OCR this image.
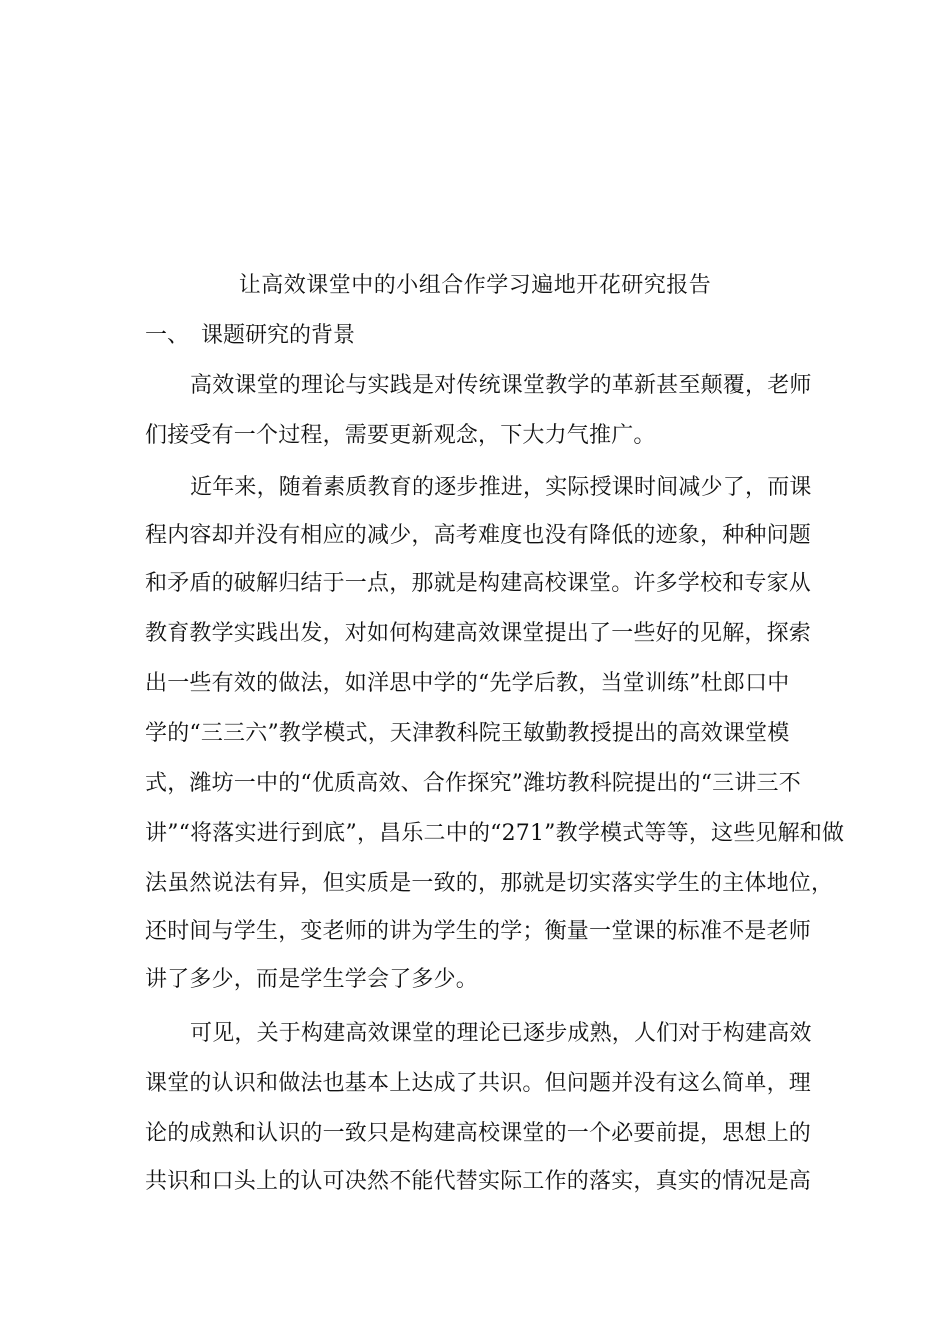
让高效课堂中的小组合作学习遍地开花研究报告
一、 课题研究的背景
高效课堂的理论与实践是对传统课堂教学的革新甚至颠覆，老师
们接受有一个过程，需要更新观念，下大力气推广。
近年来，随着素质教育的逐步推进，实际授课时间减少了，而课
程内容却并没有相应的减少，高考难度也没有降低的迹象，种种问题
和矛盾的破解归结于一点，那就是构建高校课堂。许多学校和专家从
教育教学实践出发，对如何构建高效课堂提出了一些好的见解，探索
出一些有效的做法，如洋思中学的“先学后教，当堂训练”杜郎口中
学的“三三六”教学模式，天津教科院王敏勤教授提出的高效课堂模
式，潍坊一中的“优质高效、合作探究”潍坊教科院提出的“三讲三不
讲”“将落实进行到底”，昌乐二中的“271”教学模式等等，这些见解和做
法虽然说法有异，但实质是一致的，那就是切实落实学生的主体地位，
还时间与学生，变老师的讲为学生的学；衡量一堂课的标准不是老师
讲了多少，而是学生学会了多少。
可见，关于构建高效课堂的理论已逐步成熟，人们对于构建高效
课堂的认识和做法也基本上达成了共识。但问题并没有这么简单，理
论的成熟和认识的一致只是构建高校课堂的一个必要前提，思想上的
共识和口头上的认可决然不能代替实际工作的落实，真实的情况是高
